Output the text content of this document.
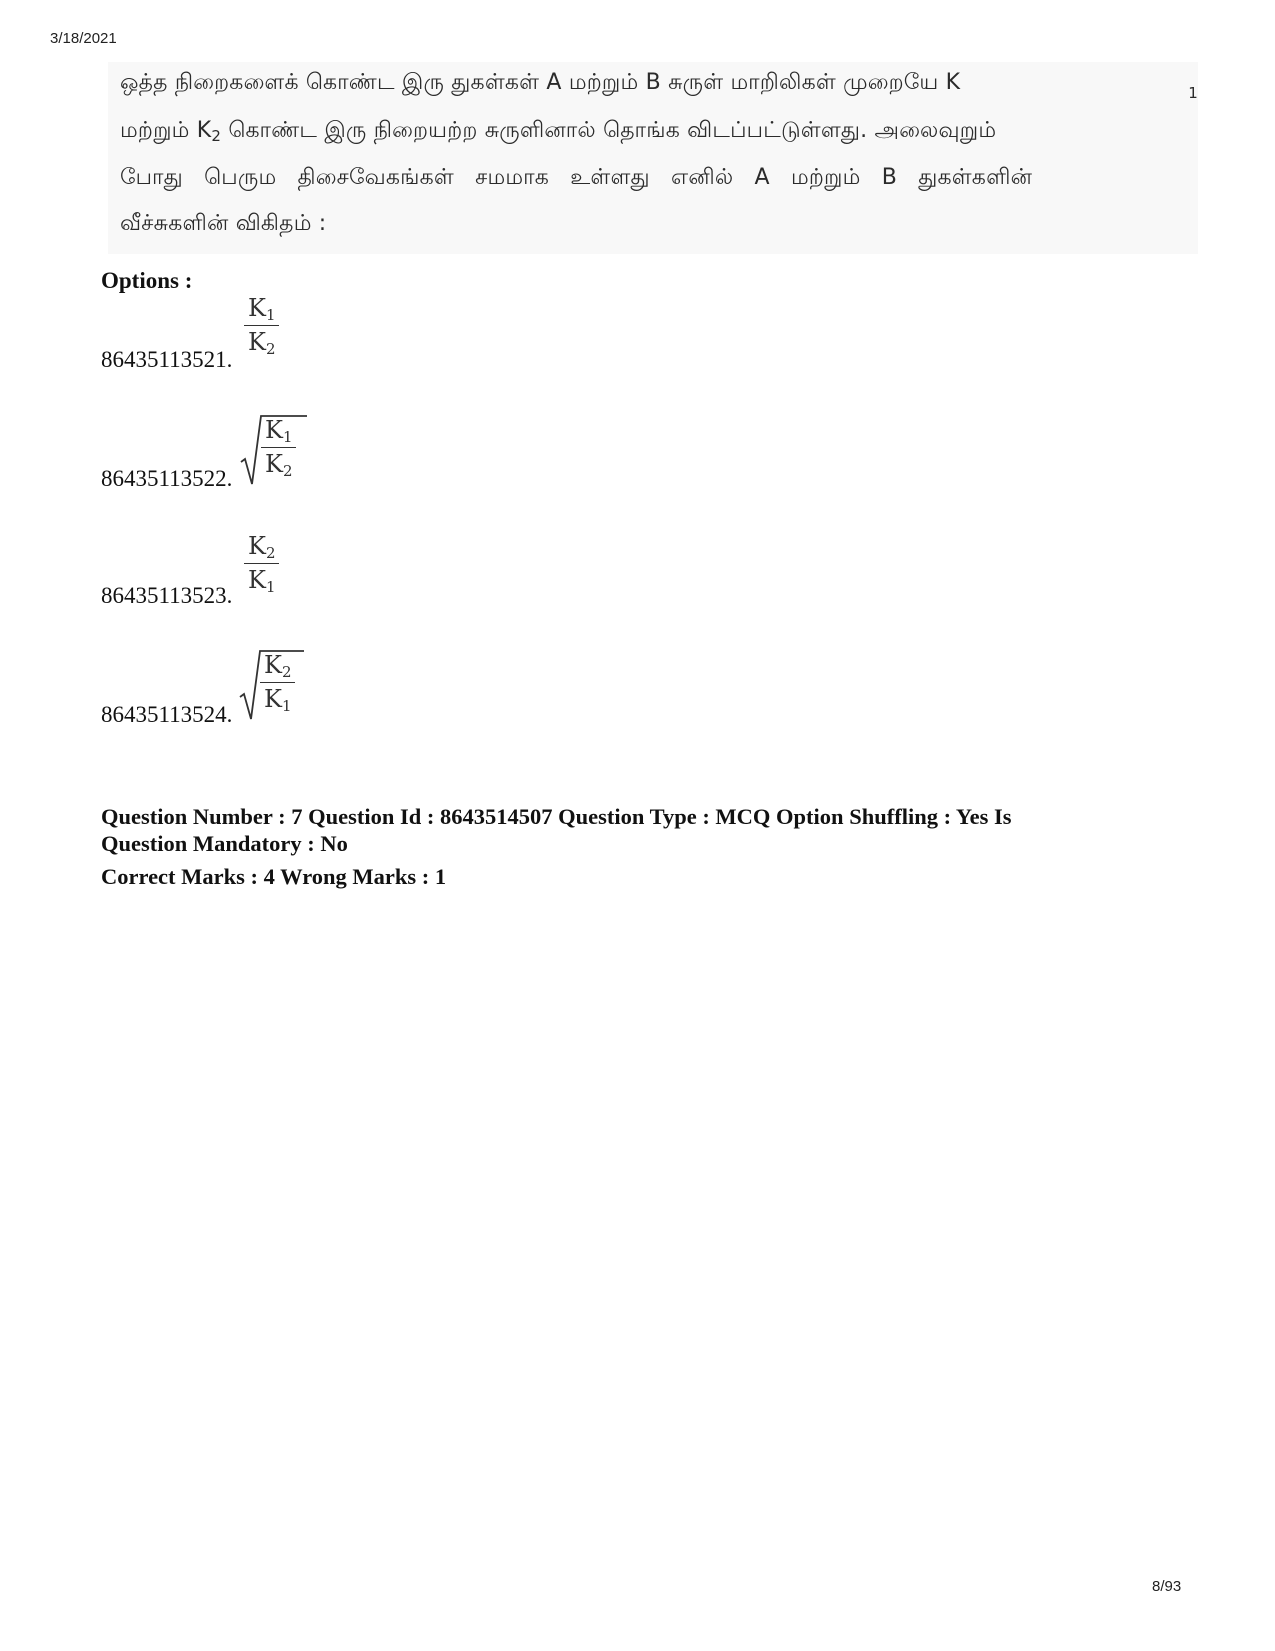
3/18/2021
ஒத்த நிறைகளைக் கொண்ட இரு துகள்கள் A மற்றும் B சுருள் மாறிலிகள் முறையே K	$_1$
மற்றும் $K_2$ கொண்ட இரு நிறையற்ற சுருளினால் தொங்க விடப்பட்டுள்ளது. அலைவுறும்
போது பெரும திசைவேகங்கள் சமமாக உள்ளது எனில் A மற்றும் B துகள்களின்
வீச்சுகளின் விகிதம் :
Options :
86435113521.
$\frac{K_1}{K_2}$
86435113522. $\frac{K_1}{K_2}$
86435113523. $\frac{K_2}{K_1}$
86435113524. $\frac{K_2}{K_1}$
Question Number : 7 Question Id : 8643514507 Question Type : MCQ Option Shuffling : Yes Is
Question Mandatory : No
Correct Marks : 4 Wrong Marks : 1
8/93
